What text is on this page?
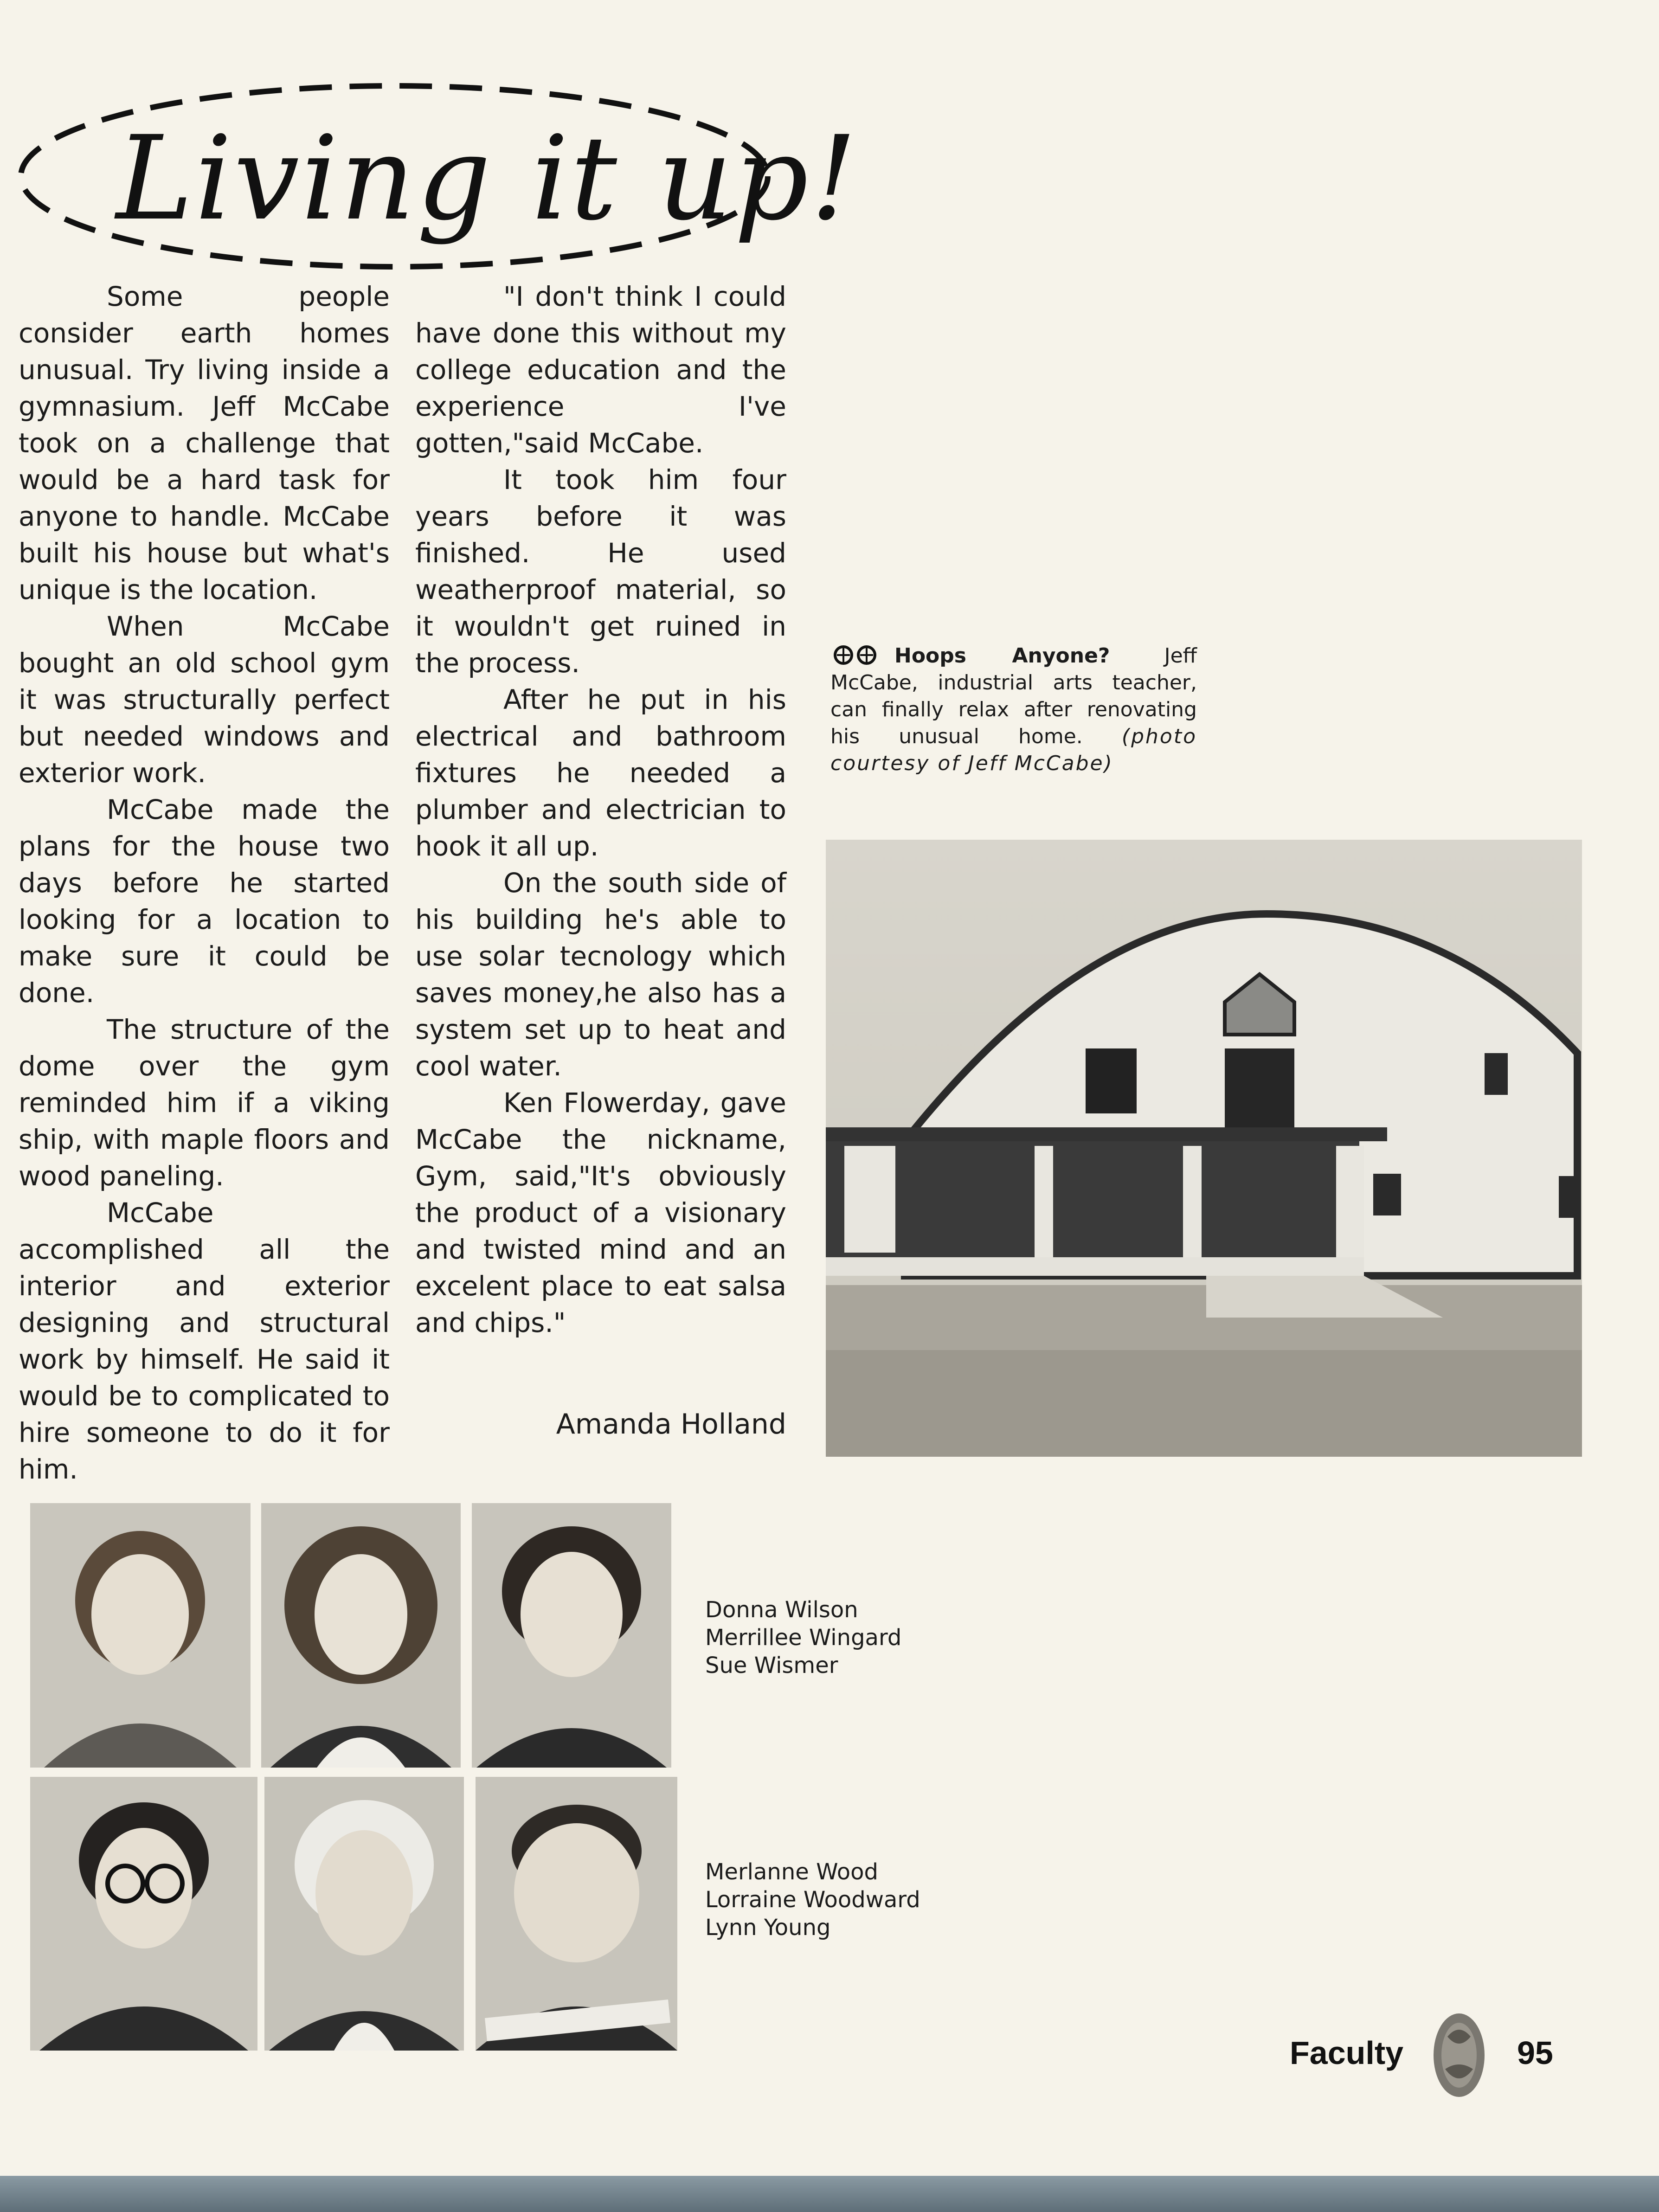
Living it up!

Some people consider earth homes unusual. Try living inside a gymnasium. Jeff McCabe took on a challenge that would be a hard task for anyone to handle. McCabe built his house but what's unique is the location.

When McCabe bought an old school gym it was structurally perfect but needed windows and exterior work.

McCabe made the plans for the house two days before he started looking for a location to make sure it could be done.

The structure of the dome over the gym reminded him if a viking ship, with maple floors and wood paneling.

McCabe accomplished all the interior and exterior designing and structural work by himself. He said it would be to complicated to hire someone to do it for him.

"I don't think I could have done this without my college education and the experience I've gotten,"said McCabe.

It took him four years before it was finished. He used weatherproof material, so it wouldn't get ruined in the process.

After he put in his electrical and bathroom fixtures he needed a plumber and electrician to hook it all up.

On the south side of his building he's able to use solar tecnology which saves money,he also has a system set up to heat and cool water.

Ken Flowerday, gave McCabe the nickname, Gym, said,"It's obviously the product of a visionary and twisted mind and an excelent place to eat salsa and chips."

Amanda Holland
Hoops Anyone?	Jeff McCabe, industrial arts teacher, can finally relax after renovating his unusual home. (photo courtesy of Jeff McCabe)
Donna Wilson
Merrillee Wingard
Sue Wismer
Merlanne Wood
Lorraine Woodward
Lynn Young
Faculty	95
